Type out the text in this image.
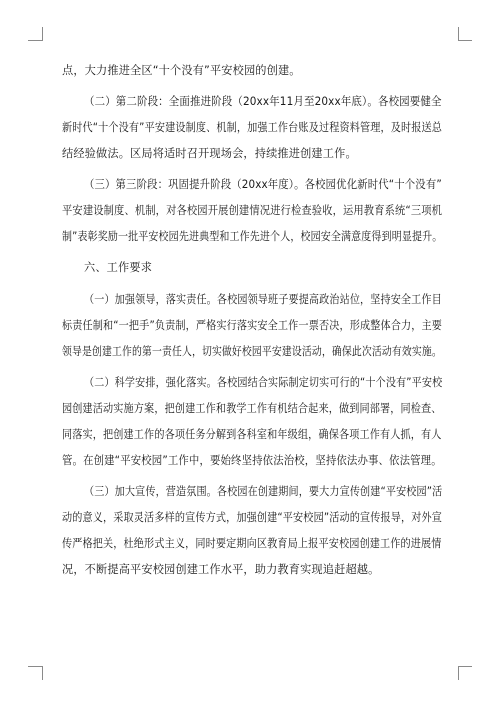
点，大力推进全区“十个没有”平安校园的创建。
（二）第二阶段：全面推进阶段（20xx年11月至20xx年底）。各校园要健全
新时代“十个没有”平安建设制度、机制，加强工作台账及过程资料管理，及时报送总
结经验做法。区局将适时召开现场会，持续推进创建工作。
（三）第三阶段：巩固提升阶段（20xx年度）。各校园优化新时代“十个没有”
平安建设制度、机制，对各校园开展创建情况进行检查验收，运用教育系统“三项机
制”表彰奖励一批平安校园先进典型和工作先进个人，校园安全满意度得到明显提升。
六、工作要求
（一）加强领导，落实责任。各校园领导班子要提高政治站位，坚持安全工作目
标责任制和“一把手”负责制，严格实行落实安全工作一票否决，形成整体合力，主要
领导是创建工作的第一责任人，切实做好校园平安建设活动，确保此次活动有效实施。
（二）科学安排，强化落实。各校园结合实际制定切实可行的“十个没有”平安校
园创建活动实施方案，把创建工作和教学工作有机结合起来，做到同部署，同检查、
同落实，把创建工作的各项任务分解到各科室和年级组，确保各项工作有人抓，有人
管。在创建“平安校园”工作中，要始终坚持依法治校，坚持依法办事、依法管理。
（三）加大宣传，营造氛围。各校园在创建期间，要大力宣传创建“平安校园”活
动的意义，采取灵活多样的宣传方式，加强创建“平安校园”活动的宣传报导，对外宣
传严格把关，杜绝形式主义，同时要定期向区教育局上报平安校园创建工作的进展情
况，不断提高平安校园创建工作水平，助力教育实现追赶超越。
